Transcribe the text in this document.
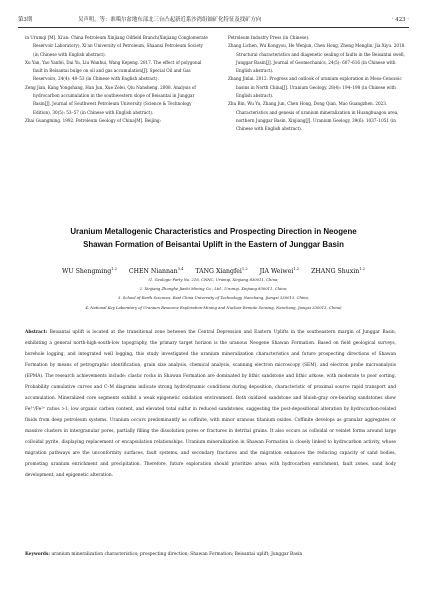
第3期	吴声明，等：准噶尔盆地东部北三台凸起新近系沙湾组铀矿化特征及找矿方向	· 423 ·

in Urumqi [M]. Xi'an: China Petroleum Xinjiang Oilfield Branch(Xinjiang Conglomerate Reservoir Laboratory), Xi'an University of Petroleum, Shaanxi Petroleum Society (in Chinese with English abstract).

Xu Yan, Yao Yanfei, Dai Yu, Liu Wanhui, Wang Kepeng. 2017. The effect of polygonal fault in Beisantai bulge on oil and gas accumulation[J]. Special Oil and Gas Reservoirs, 24(4): 48–53 (in Chinese with English abstract).

Zeng Jian, Kang Yongshang, Han Jun, Xue Zelei, Qiu Nansheng. 2008. Analysis of hydrocarbon accumulation in the southwestern slope of Beisantai in Junggar Basin[J]. Journal of Southwest Petroleum University (Science & Technology Edition), 30(5): 53–57 (in Chinese with English abstract).

Zhai Guangming. 1992. Petroleum Geology of China[M]. Beijing:

Petroleum Industry Press (in Chinese).

Zhang Lichen, Wu Kongyou, He Wenjun, Chen Hong, Zheng Menglin, Jia Xiyu. 2018. Structural characteristics and diagenetic sealing of faults in the Beisantai swell, Junggar Basin[J]. Journal of Geomechanics, 24(5): 607–616 (in Chinese with English abstract).

Zhang Jinlai. 2012. Progress and outlook of uranium exploration in Meso-Cenozoic basins in North China[J]. Uranium Geology, 28(4): 194–198 (in Chinese with English abstract).

Zhu Bin, Wu Yu, Zhang Jun, Chen Hong, Dong Qian, Mao Guangzhen. 2023. Characteristics and genesis of uranium mineralization in Huanghuagou area, northern Junggar Basin, Xinjiang[J]. Uranium Geology, 39(6): 1037–1051 (in Chinese with English abstract).

Uranium Metallogenic Characteristics and Prospecting Direction in Neogene
Shawan Formation of Beisantai Uplift in the Eastern of Junggar Basin
WU Shengming$^{1,2}$ CHEN Niannan$^{3,4}$ TANG Xiangfei$^{1,2}$ JIA Weiwei$^{1,2}$ ZHANG Shuxin$^{1,2}$

(1. Geologic Party No. 216, CNNC, Urumqi, Xinjiang 830011, China;

2. Xinjiang Zhonghe Jiashi Mining Co., Ltd., Urumqi, Xinjiang 830011, China;

3. School of Earth Sciences, East China University of Technology, Nanchang, Jiangxi 330013, China;

4. National Key Laboratory of Uranium Resource Exploration-Mining and Nuclear Remote Sensing, Nanchang, Jiangxi 330013, China)

Abstract: Beisantai uplift is located at the transitional zone between the Central Depression and Eastern Uplifts in the southeastern margin of Junggar Basin, exhibiting a general north-high-south-low topography, the primary target horizon is the uranous Neogene Shawan Formation. Based on field geological surveys, borehole logging, and integrated well logging, this study investigated the uranium mineralization characteristics and future prospecting directions of Shawan Formation by means of petrographic identification, grain size analysis, chemical analysis, scanning electron microscopy (SEM), and electron probe microanalysis (EPMA). The research achievements include: clastic rocks in Shawan Formation are dominated by lithic sandstone and lithic arkose, with moderate to poor sorting. Probability cumulative curves and C–M diagrams indicate strong hydrodynamic conditions during deposition, characteristic of proximal source rapid transport and accumulation. Mineralized core segments exhibit a weak epigenetic oxidation environment. Both oxidized sandstone and bluish-gray ore-bearing sandstones show Fe³⁺/Fe²⁺ ratios >1, low organic carbon content, and elevated total sulfur in reduced sandstones, suggesting the post-depositional alteration by hydrocarbon-related fluids from deep petroleum systems. Uranium occurs predominantly as coffinite, with minor uranous titanium oxides. Coffinite develops as granular aggregates or massive clusters in intergranular pores, partially filling the dissolution pores or fractures in detrital grains. It also occurs as colloidal or veinlet forms around large colloidal pyrite, displaying replacement or encapsulation relationships. Uranium mineralization in Shawan Formation is closely linked to hydrocarbon activity, whose migration pathways are the unconformity surfaces, fault systems, and secondary fractures and the migration enhances the reducing capacity of sand bodies, promoting uranium enrichment and precipitation. Therefore, future exploration should prioritize areas with hydrocarbon enrichment, fault zones, sand body development, and epigenetic alteration.
Keywords: uranium mineralization characteristics; prospecting direction; Shawan Formation; Beisantai uplift; Junggar Basin
